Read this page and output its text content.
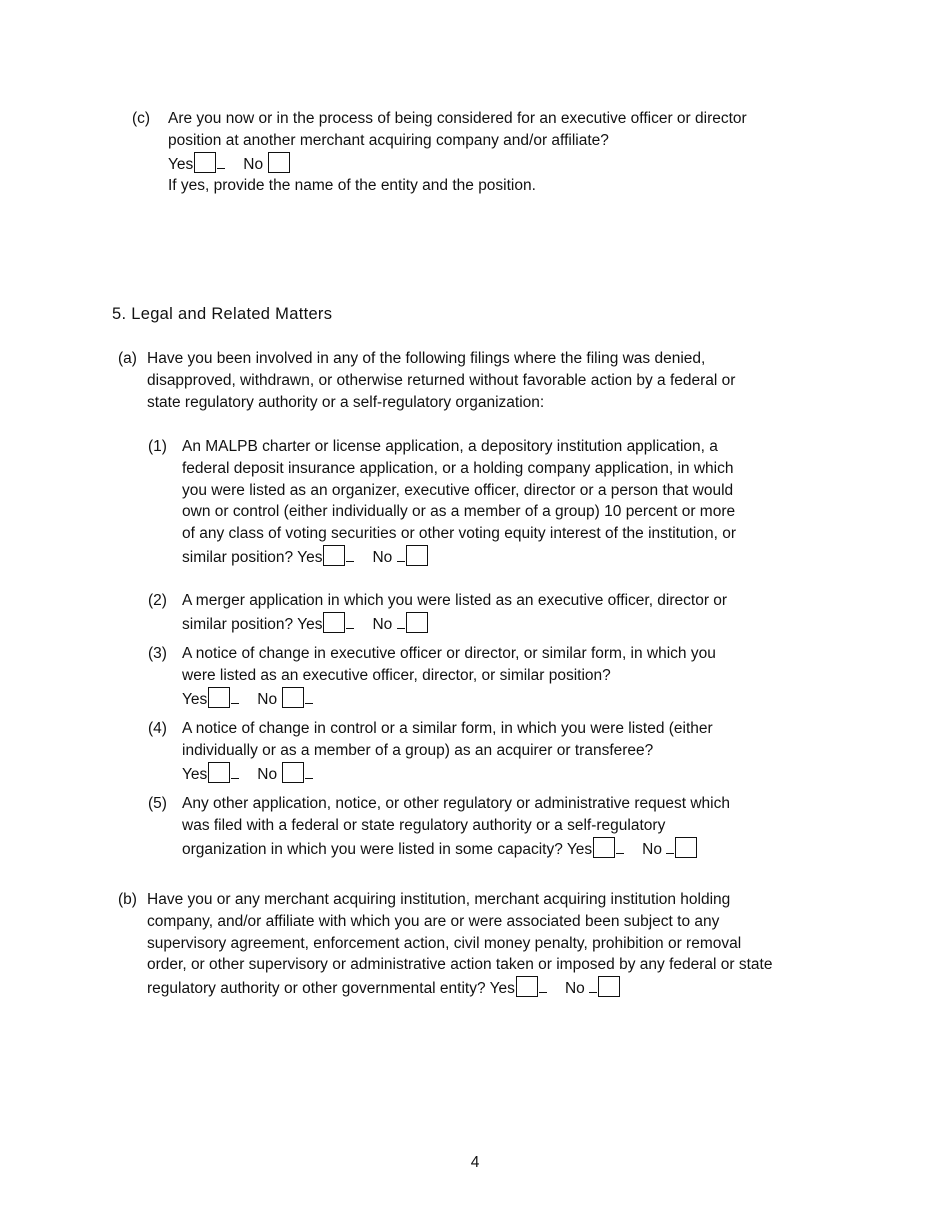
(c) Are you now or in the process of being considered for an executive officer or director
position at another merchant acquiring company and/or affiliate?
Yes	No
If yes, provide the name of the entity and the position.
5. Legal and Related Matters
(a) Have you been involved in any of the following filings where the filing was denied,
disapproved, withdrawn, or otherwise returned without favorable action by a federal or
state regulatory authority or a self-regulatory organization:
(1) An MALPB charter or license application, a depository institution application, a
federal deposit insurance application, or a holding company application, in which
you were listed as an organizer, executive officer, director or a person that would
own or control (either individually or as a member of a group) 10 percent or more
of any class of voting securities or other voting equity interest of the institution, or
similar position? Yes	No
(2) A merger application in which you were listed as an executive officer, director or
similar position? Yes	No
(3) A notice of change in executive officer or director, or similar form, in which you
were listed as an executive officer, director, or similar position?
Yes	No
(4) A notice of change in control or a similar form, in which you were listed (either
individually or as a member of a group) as an acquirer or transferee?
Yes	No
(5) Any other application, notice, or other regulatory or administrative request which
was filed with a federal or state regulatory authority or a self-regulatory
organization in which you were listed in some capacity? Yes	No
(b) Have you or any merchant acquiring institution, merchant acquiring institution holding
company, and/or affiliate with which you are or were associated been subject to any
supervisory agreement, enforcement action, civil money penalty, prohibition or removal
order, or other supervisory or administrative action taken or imposed by any federal or state
regulatory authority or other governmental entity? Yes	No
4
